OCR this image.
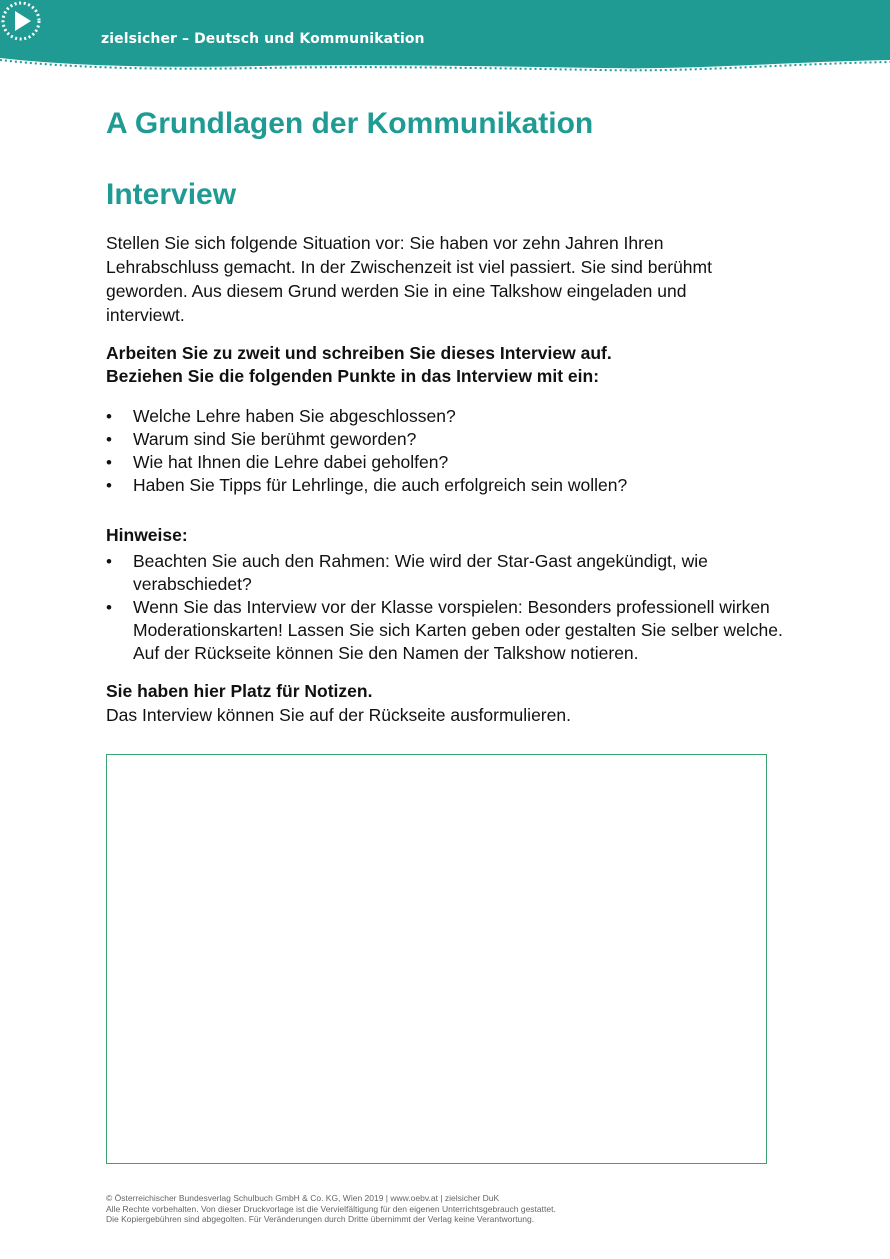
zielsicher – Deutsch und Kommunikation
A Grundlagen der Kommunikation
Interview

Stellen Sie sich folgende Situation vor: Sie haben vor zehn Jahren Ihren Lehrabschluss gemacht. In der Zwischenzeit ist viel passiert. Sie sind berühmt geworden. Aus diesem Grund werden Sie in eine Talkshow eingeladen und interviewt.

Arbeiten Sie zu zweit und schreiben Sie dieses Interview auf.
Beziehen Sie die folgenden Punkte in das Interview mit ein:
• Welche Lehre haben Sie abgeschlossen?
• Warum sind Sie berühmt geworden?
• Wie hat Ihnen die Lehre dabei geholfen?
• Haben Sie Tipps für Lehrlinge, die auch erfolgreich sein wollen?
Hinweise:
• Beachten Sie auch den Rahmen: Wie wird der Star-Gast angekündigt, wie verabschiedet?
• Wenn Sie das Interview vor der Klasse vorspielen: Besonders professionell wirken Moderationskarten! Lassen Sie sich Karten geben oder gestalten Sie selber welche. Auf der Rückseite können Sie den Namen der Talkshow notieren.
Sie haben hier Platz für Notizen.
Das Interview können Sie auf der Rückseite ausformulieren.
© Österreichischer Bundesverlag Schulbuch GmbH & Co. KG, Wien 2019 | www.oebv.at | zielsicher DuK
Alle Rechte vorbehalten. Von dieser Druckvorlage ist die Vervielfältigung für den eigenen Unterrichtsgebrauch gestattet.
Die Kopiergebühren sind abgegolten. Für Veränderungen durch Dritte übernimmt der Verlag keine Verantwortung.
